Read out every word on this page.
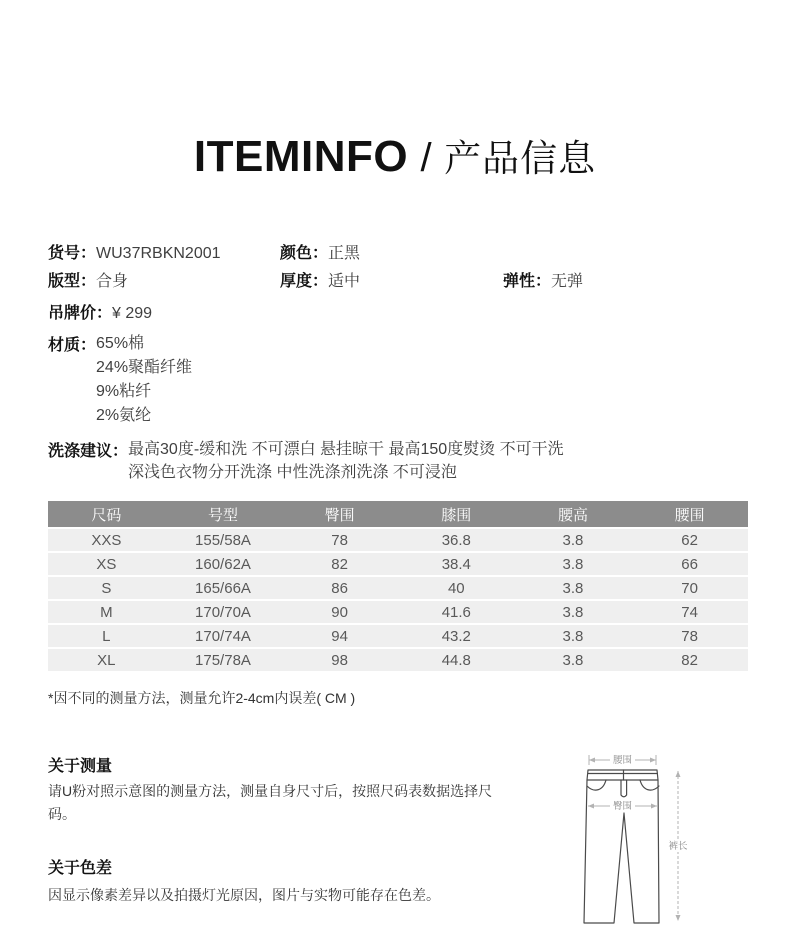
ITEMINFO / 产品信息
货号：WU37RBKN2001	颜色：正黑
版型：合身	厚度：适中	弹性：无弹
吊牌价：¥ 299
材质： 65%棉
24%聚酯纤维
9%粘纤
2%氨纶
洗涤建议： 最高30度-缓和洗 不可漂白 悬挂晾干 最高150度熨烫 不可干洗
深浅色衣物分开洗涤 中性洗涤剂洗涤 不可浸泡
尺码	号型	臀围	膝围	腰高	腰围
XXS	155/58A	78	36.8	3.8	62
XS	160/62A	82	38.4	3.8	66
S	165/66A	86	40	3.8	70
M	170/70A	90	41.6	3.8	74
L	170/74A	94	43.2	3.8	78
XL	175/78A	98	44.8	3.8	82
*因不同的测量方法，测量允许2-4cm内误差( CM )
关于测量
请U粉对照示意图的测量方法，测量自身尺寸后，按照尺码表数据选择尺码。
关于色差
因显示像素差异以及拍摄灯光原因，图片与实物可能存在色差。
腰围
臀围
裤长
